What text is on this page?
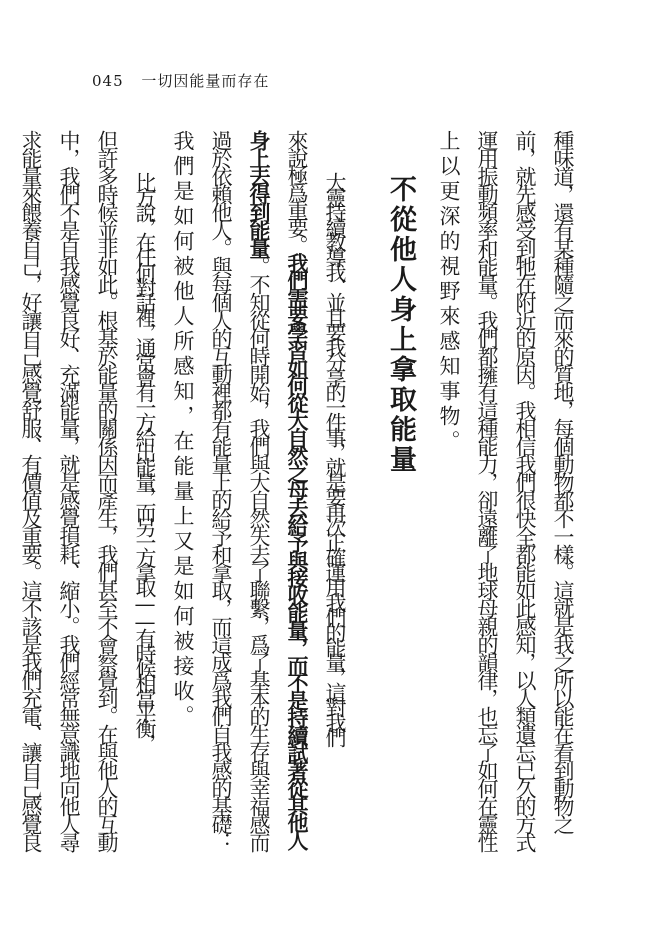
045 一切因能量而存在
種味道，還有某種隨之而來的質地，每個動物都不一樣。這就是我之所以能在看到動物之
前，就先感受到牠在附近的原因。我相信我們很快全都能如此感知，以人類遺忘已久的方式
運用振動頻率和能量。我們都擁有這種能力，卻遠離了地球母親的韻律，也忘了如何在靈性
上以更深的視野來感知事物。
不從他人身上拿取能量
大靈持續教導我、並且要我分享的一件事，就是要再次正確運用我們的能量，這對我們
來說極爲重要。我們需要學習如何從大自然之母去給予與接收能量，而不是持續試著從其他人
身上去得到能量。不知從何時開始，我們與大自然失去了聯繫，爲了基本的生存與幸福感而
過於依賴他人。與每個人的互動裡都有能量上的給予和拿取，而這成爲我們自我感的基礎：
我們是如何被他人所感知，在能量上又是如何被接收。
比方說，在任何對話裡，通常會有一方給出能量，而另一方拿取——有時候相當平衡，
但許多時候並非如此。根基於能量的關係因而產生，我們甚至不會察覺到。在與他人的互動
中，我們不是自我感覺良好、充滿能量，就是感覺損耗、縮小。我們經常無意識地向他人尋
求能量來餵養自己，好讓自己感覺舒服、有價值及重要。這不該是我們充電、讓自己感覺良
